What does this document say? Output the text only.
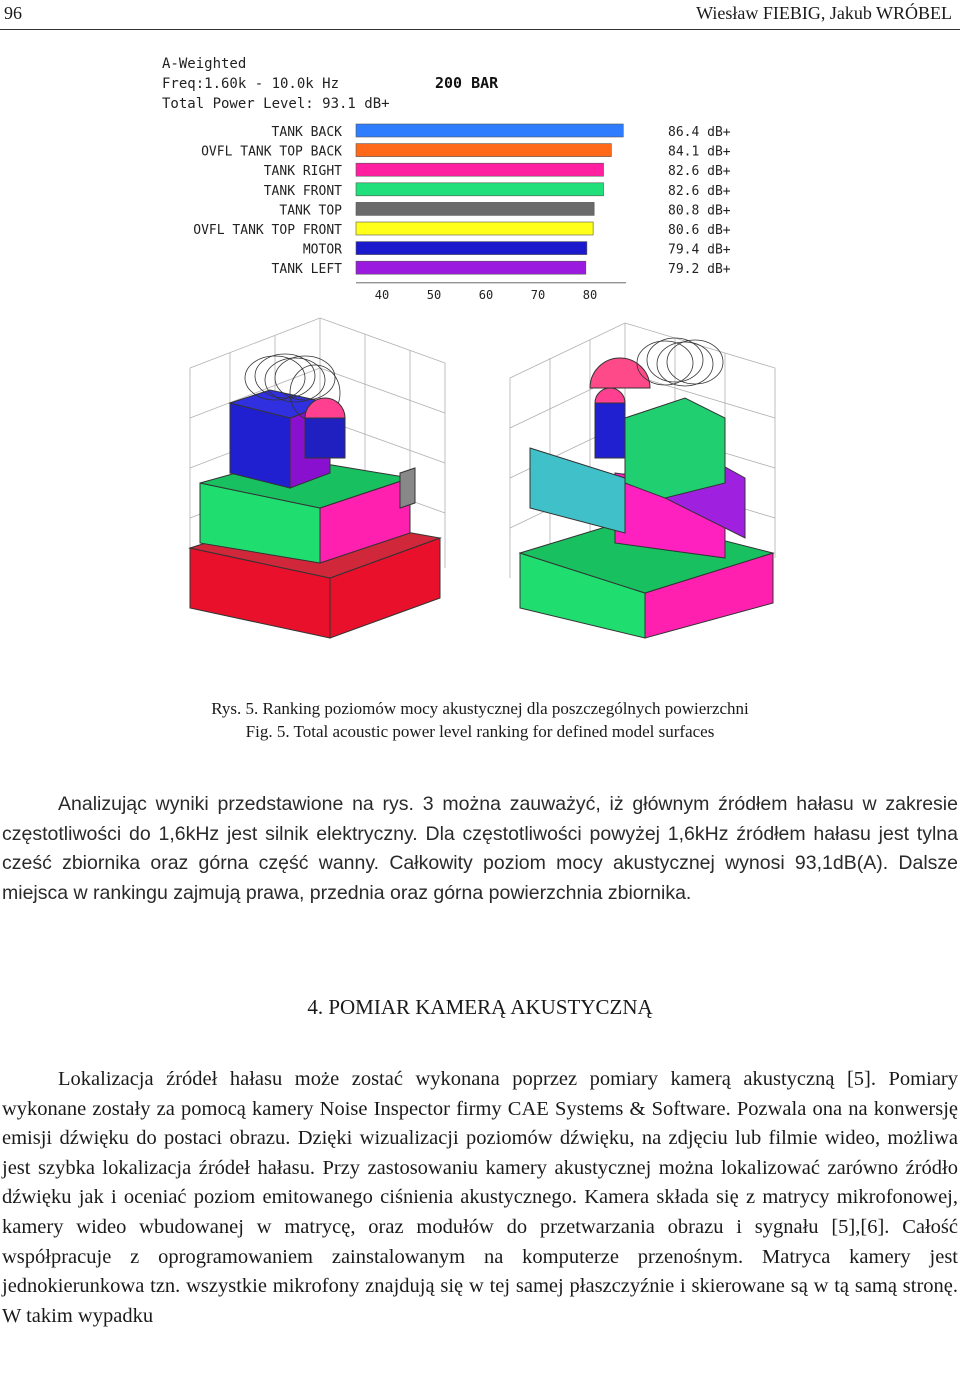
96	Wiesław FIEBIG, Jakub WRÓBEL
A-Weighted
Freq:1.60k - 10.0k Hz
Total Power Level: 93.1 dB+
200 BAR
TANK BACK	86.4 dB+
OVFL TANK TOP BACK	84.1 dB+
TANK RIGHT	82.6 dB+
TANK FRONT	82.6 dB+
TANK TOP	80.8 dB+
OVFL TANK TOP FRONT	80.6 dB+
MOTOR	79.4 dB+
TANK LEFT	79.2 dB+
40	50	60	70	80
Rys. 5. Ranking poziomów mocy akustycznej dla poszczególnych powierzchni
Fig. 5. Total acoustic power level ranking for defined model surfaces

Analizując wyniki przedstawione na rys. 3 można zauważyć, iż głównym źródłem hałasu w zakresie częstotliwości do 1,6kHz jest silnik elektryczny. Dla częstotliwości powyżej 1,6kHz źródłem hałasu jest tylna cześć zbiornika oraz górna część wanny. Całkowity poziom mocy akustycznej wynosi 93,1dB(A). Dalsze miejsca w rankingu zajmują prawa, przednia oraz górna powierzchnia zbiornika.

4. POMIAR KAMERĄ AKUSTYCZNĄ

Lokalizacja źródeł hałasu może zostać wykonana poprzez pomiary kamerą akustyczną [5]. Pomiary wykonane zostały za pomocą kamery Noise Inspector firmy CAE Systems & Software. Pozwala ona na konwersję emisji dźwięku do postaci obrazu. Dzięki wizualizacji poziomów dźwięku, na zdjęciu lub filmie wideo, możliwa jest szybka lokalizacja źródeł hałasu. Przy zastosowaniu kamery akustycznej można lokalizować zarówno źródło dźwięku jak i oceniać poziom emitowanego ciśnienia akustycznego. Kamera składa się z matrycy mikrofonowej, kamery wideo wbudowanej w matrycę, oraz modułów do przetwarzania obrazu i sygnału [5],[6]. Całość współpracuje z oprogramowaniem zainstalowanym na komputerze przenośnym. Matryca kamery jest jednokierunkowa tzn. wszystkie mikrofony znajdują się w tej samej płaszczyźnie i skierowane są w tą samą stronę. W takim wypadku
